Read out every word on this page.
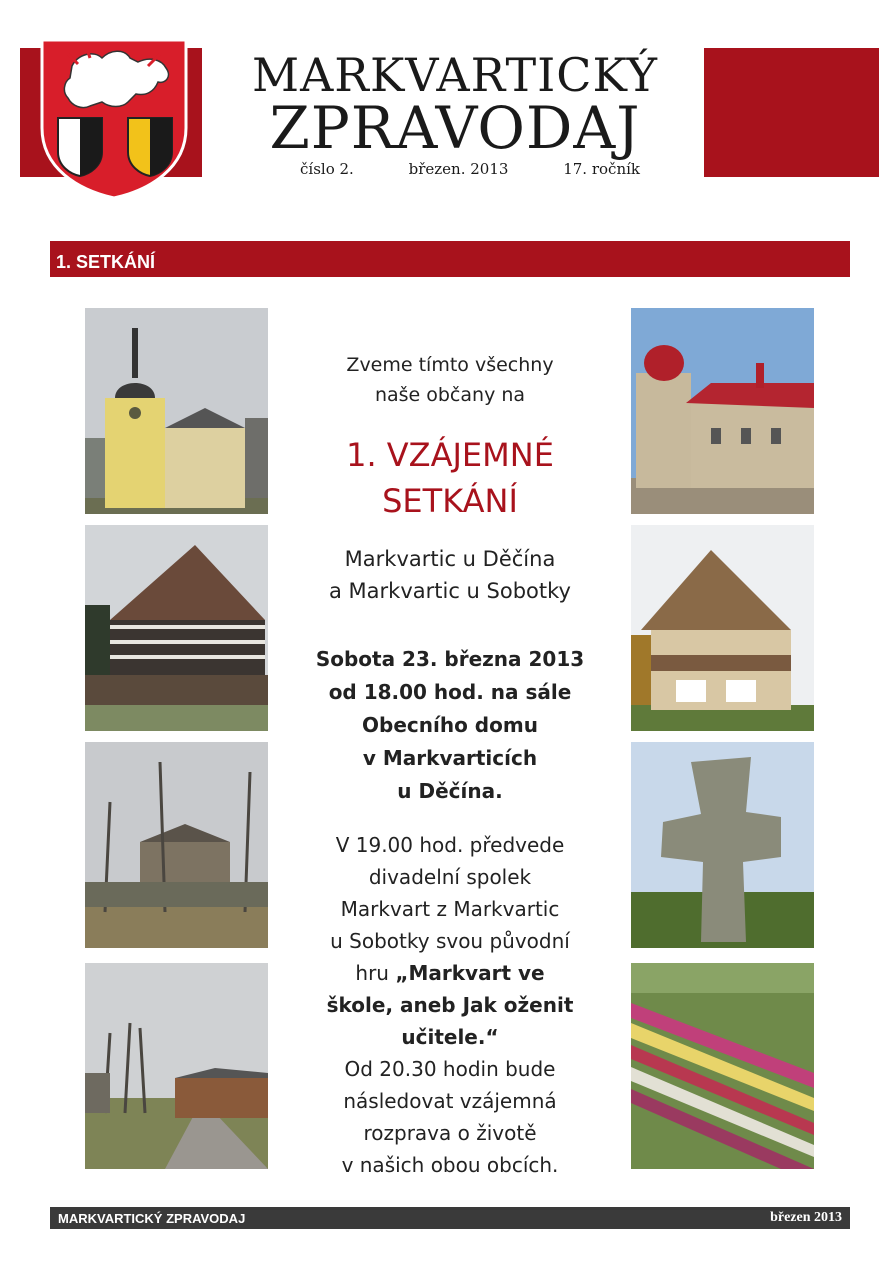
MARKVARTICKÝ
ZPRAVODAJ
číslo 2.	březen. 2013	17. ročník
1. SETKÁNÍ
Zveme tímto všechny
naše občany na
1. VZÁJEMNÉ
SETKÁNÍ
Markvartic u Děčína
a Markvartic u Sobotky
Sobota 23. března 2013
od 18.00 hod. na sále
Obecního domu
v Markvarticích
u Děčína.
V 19.00 hod. předvede
divadelní spolek
Markvart z Markvartic
u Sobotky svou původní
hru „Markvart ve
škole, aneb Jak oženit
učitele.“
Od 20.30 hodin bude
následovat vzájemná
rozprava o životě
v našich obou obcích.
MARKVARTICKÝ ZPRAVODAJ	březen 2013
